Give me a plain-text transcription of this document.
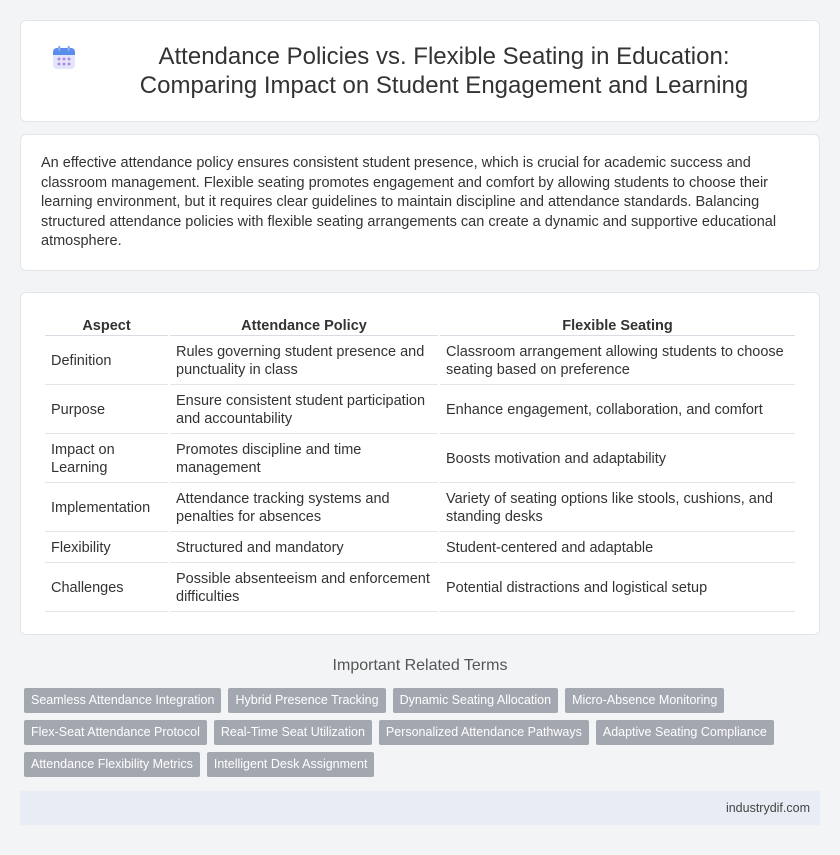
Attendance Policies vs. Flexible Seating in Education: Comparing Impact on Student Engagement and Learning

An effective attendance policy ensures consistent student presence, which is crucial for academic success and classroom management. Flexible seating promotes engagement and comfort by allowing students to choose their learning environment, but it requires clear guidelines to maintain discipline and attendance standards. Balancing structured attendance policies with flexible seating arrangements can create a dynamic and supportive educational atmosphere.

Aspect	Attendance Policy	Flexible Seating
Definition	Rules governing student presence and punctuality in class	Classroom arrangement allowing students to choose seating based on preference
Purpose	Ensure consistent student participation and accountability	Enhance engagement, collaboration, and comfort
Impact on Learning	Promotes discipline and time management	Boosts motivation and adaptability
Implementation	Attendance tracking systems and penalties for absences	Variety of seating options like stools, cushions, and standing desks
Flexibility	Structured and mandatory	Student-centered and adaptable
Challenges	Possible absenteeism and enforcement difficulties	Potential distractions and logistical setup
Important Related Terms
Seamless Attendance Integration	Hybrid Presence Tracking	Dynamic Seating Allocation	Micro-Absence Monitoring
Flex-Seat Attendance Protocol	Real-Time Seat Utilization	Personalized Attendance Pathways	Adaptive Seating Compliance
Attendance Flexibility Metrics	Intelligent Desk Assignment
industrydif.com
